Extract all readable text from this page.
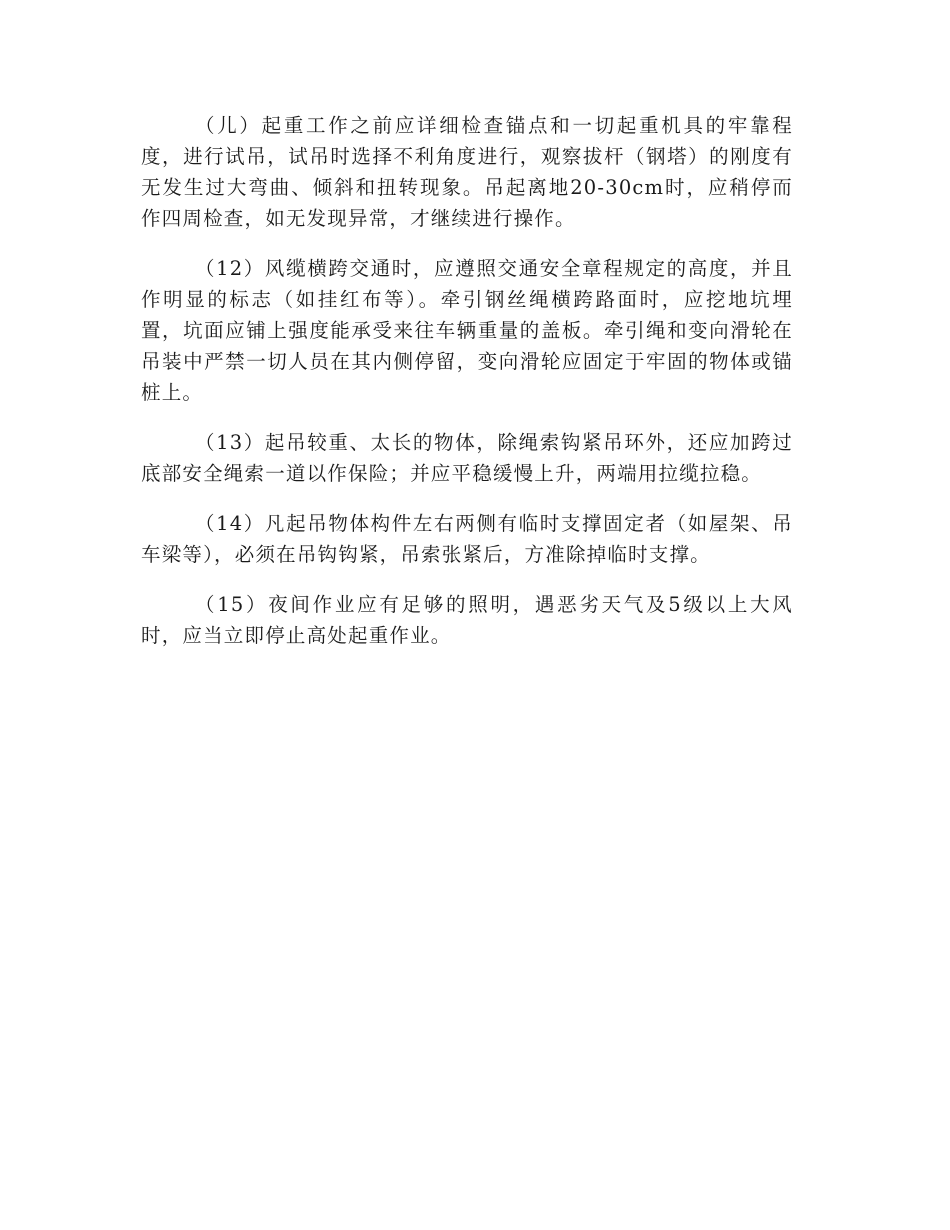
（儿）起重工作之前应详细检查锚点和一切起重机具的牢靠程度，进行试吊，试吊时选择不利角度进行，观察拔杆（钢塔）的刚度有无发生过大弯曲、倾斜和扭转现象。吊起离地20-30cm时，应稍停而作四周检查，如无发现异常，才继续进行操作。

（12）风缆横跨交通时，应遵照交通安全章程规定的高度，并且作明显的标志（如挂红布等）。牵引钢丝绳横跨路面时，应挖地坑埋置，坑面应铺上强度能承受来往车辆重量的盖板。牵引绳和变向滑轮在吊装中严禁一切人员在其内侧停留，变向滑轮应固定于牢固的物体或锚桩上。

（13）起吊较重、太长的物体，除绳索钩紧吊环外，还应加跨过底部安全绳索一道以作保险；并应平稳缓慢上升，两端用拉缆拉稳。

（14）凡起吊物体构件左右两侧有临时支撑固定者（如屋架、吊车梁等），必须在吊钩钩紧，吊索张紧后，方准除掉临时支撑。

（15）夜间作业应有足够的照明，遇恶劣天气及5级以上大风时，应当立即停止高处起重作业。
